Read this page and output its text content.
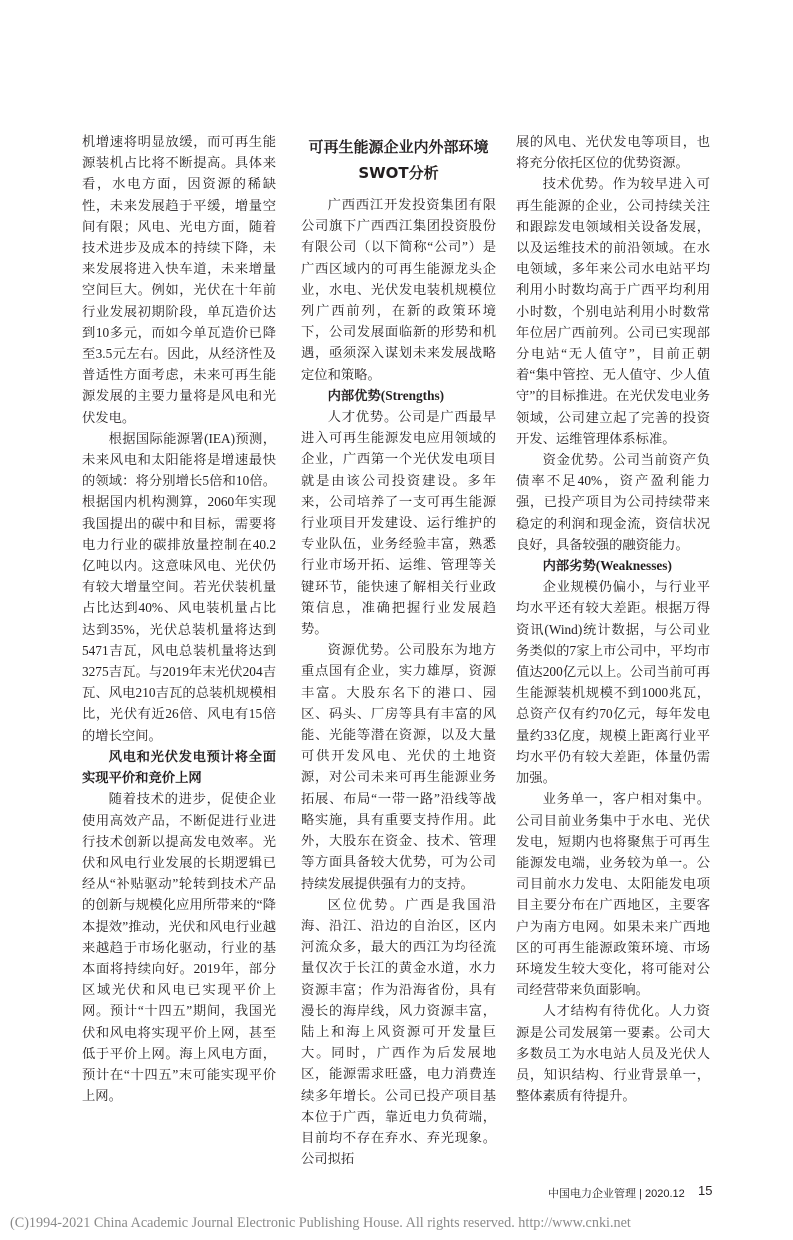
机增速将明显放缓，而可再生能源装机占比将不断提高。具体来看，水电方面，因资源的稀缺性，未来发展趋于平缓，增量空间有限；风电、光电方面，随着技术进步及成本的持续下降，未来发展将进入快车道，未来增量空间巨大。例如，光伏在十年前行业发展初期阶段，单瓦造价达到10多元，而如今单瓦造价已降至3.5元左右。因此，从经济性及普适性方面考虑，未来可再生能源发展的主要力量将是风电和光伏发电。

根据国际能源署(IEA)预测，未来风电和太阳能将是增速最快的领域：将分别增长5倍和10倍。根据国内机构测算，2060年实现我国提出的碳中和目标，需要将电力行业的碳排放量控制在40.2亿吨以内。这意味风电、光伏仍有较大增量空间。若光伏装机量占比达到40%、风电装机量占比达到35%，光伏总装机量将达到5471吉瓦，风电总装机量将达到3275吉瓦。与2019年末光伏204吉瓦、风电210吉瓦的总装机规模相比，光伏有近26倍、风电有15倍的增长空间。

风电和光伏发电预计将全面实现平价和竞价上网

随着技术的进步，促使企业使用高效产品，不断促进行业进行技术创新以提高发电效率。光伏和风电行业发展的长期逻辑已经从“补贴驱动”轮转到技术产品的创新与规模化应用所带来的“降本提效”推动，光伏和风电行业越来越趋于市场化驱动，行业的基本面将持续向好。2019年，部分区域光伏和风电已实现平价上网。预计“十四五”期间，我国光伏和风电将实现平价上网，甚至低于平价上网。海上风电方面，预计在“十四五”末可能实现平价上网。

可再生能源企业内外部环境
SWOT分析

广西西江开发投资集团有限公司旗下广西西江集团投资股份有限公司（以下简称“公司”）是广西区域内的可再生能源龙头企业，水电、光伏发电装机规模位列广西前列，在新的政策环境下，公司发展面临新的形势和机遇，亟须深入谋划未来发展战略定位和策略。

内部优势(Strengths)

人才优势。公司是广西最早进入可再生能源发电应用领域的企业，广西第一个光伏发电项目就是由该公司投资建设。多年来，公司培养了一支可再生能源行业项目开发建设、运行维护的专业队伍，业务经验丰富，熟悉行业市场开拓、运维、管理等关键环节，能快速了解相关行业政策信息，准确把握行业发展趋势。

资源优势。公司股东为地方重点国有企业，实力雄厚，资源丰富。大股东名下的港口、园区、码头、厂房等具有丰富的风能、光能等潜在资源，以及大量可供开发风电、光伏的土地资源，对公司未来可再生能源业务拓展、布局“一带一路”沿线等战略实施，具有重要支持作用。此外，大股东在资金、技术、管理等方面具备较大优势，可为公司持续发展提供强有力的支持。

区位优势。广西是我国沿海、沿江、沿边的自治区，区内河流众多，最大的西江为均径流量仅次于长江的黄金水道，水力资源丰富；作为沿海省份，具有漫长的海岸线，风力资源丰富，陆上和海上风资源可开发量巨大。同时，广西作为后发展地区，能源需求旺盛，电力消费连续多年增长。公司已投产项目基本位于广西，靠近电力负荷端，目前均不存在弃水、弃光现象。公司拟拓

展的风电、光伏发电等项目，也将充分依托区位的优势资源。

技术优势。作为较早进入可再生能源的企业，公司持续关注和跟踪发电领域相关设备发展，以及运维技术的前沿领域。在水电领域，多年来公司水电站平均利用小时数均高于广西平均利用小时数，个别电站利用小时数常年位居广西前列。公司已实现部分电站“无人值守”，目前正朝着“集中管控、无人值守、少人值守”的目标推进。在光伏发电业务领域，公司建立起了完善的投资开发、运维管理体系标准。

资金优势。公司当前资产负债率不足40%，资产盈利能力强，已投产项目为公司持续带来稳定的利润和现金流，资信状况良好，具备较强的融资能力。

内部劣势(Weaknesses)

企业规模仍偏小，与行业平均水平还有较大差距。根据万得资讯(Wind)统计数据，与公司业务类似的7家上市公司中，平均市值达200亿元以上。公司当前可再生能源装机规模不到1000兆瓦，总资产仅有约70亿元，每年发电量约33亿度，规模上距离行业平均水平仍有较大差距，体量仍需加强。

业务单一，客户相对集中。公司目前业务集中于水电、光伏发电，短期内也将聚焦于可再生能源发电端，业务较为单一。公司目前水力发电、太阳能发电项目主要分布在广西地区，主要客户为南方电网。如果未来广西地区的可再生能源政策环境、市场环境发生较大变化，将可能对公司经营带来负面影响。

人才结构有待优化。人力资源是公司发展第一要素。公司大多数员工为水电站人员及光伏人员，知识结构、行业背景单一，整体素质有待提升。

中国电力企业管理 | 2020.12 15
(C)1994-2021 China Academic Journal Electronic Publishing House. All rights reserved. http://www.cnki.net
